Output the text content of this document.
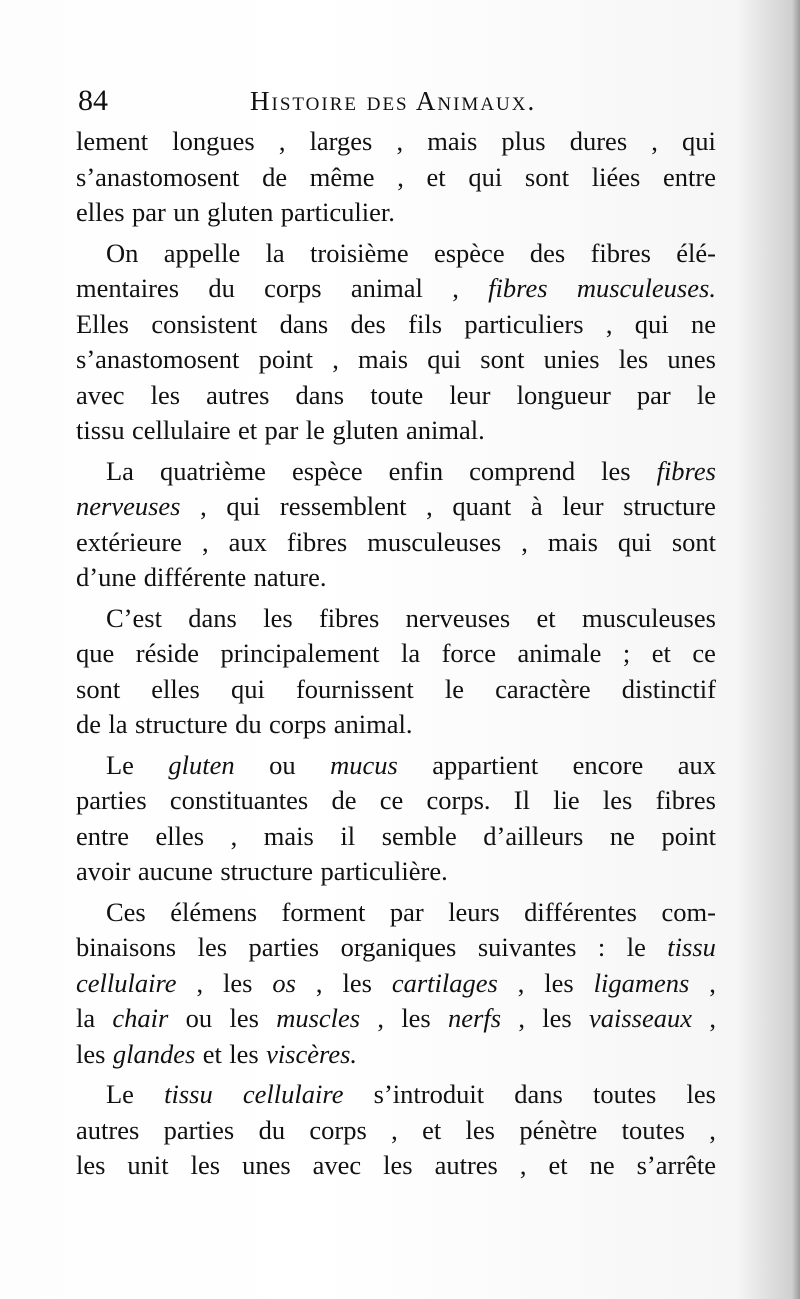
84	Histoire des Animaux.
lement longues , larges , mais plus dures , qui
s’anastomosent de même , et qui sont liées entre
elles par un gluten particulier.
On appelle la troisième espèce des fibres élé-
mentaires du corps animal , fibres musculeuses.
Elles consistent dans des fils particuliers , qui ne
s’anastomosent point , mais qui sont unies les unes
avec les autres dans toute leur longueur par le
tissu cellulaire et par le gluten animal.
La quatrième espèce enfin comprend les fibres
nerveuses , qui ressemblent , quant à leur structure
extérieure , aux fibres musculeuses , mais qui sont
d’une différente nature.
C’est dans les fibres nerveuses et musculeuses
que réside principalement la force animale ; et ce
sont elles qui fournissent le caractère distinctif
de la structure du corps animal.
Le gluten ou mucus appartient encore aux
parties constituantes de ce corps. Il lie les fibres
entre elles , mais il semble d’ailleurs ne point
avoir aucune structure particulière.
Ces élémens forment par leurs différentes com-
binaisons les parties organiques suivantes : le tissu
cellulaire , les os , les cartilages , les ligamens ,
la chair ou les muscles , les nerfs , les vaisseaux ,
les glandes et les viscères.
Le tissu cellulaire s’introduit dans toutes les
autres parties du corps , et les pénètre toutes ,
les unit les unes avec les autres , et ne s’arrête
